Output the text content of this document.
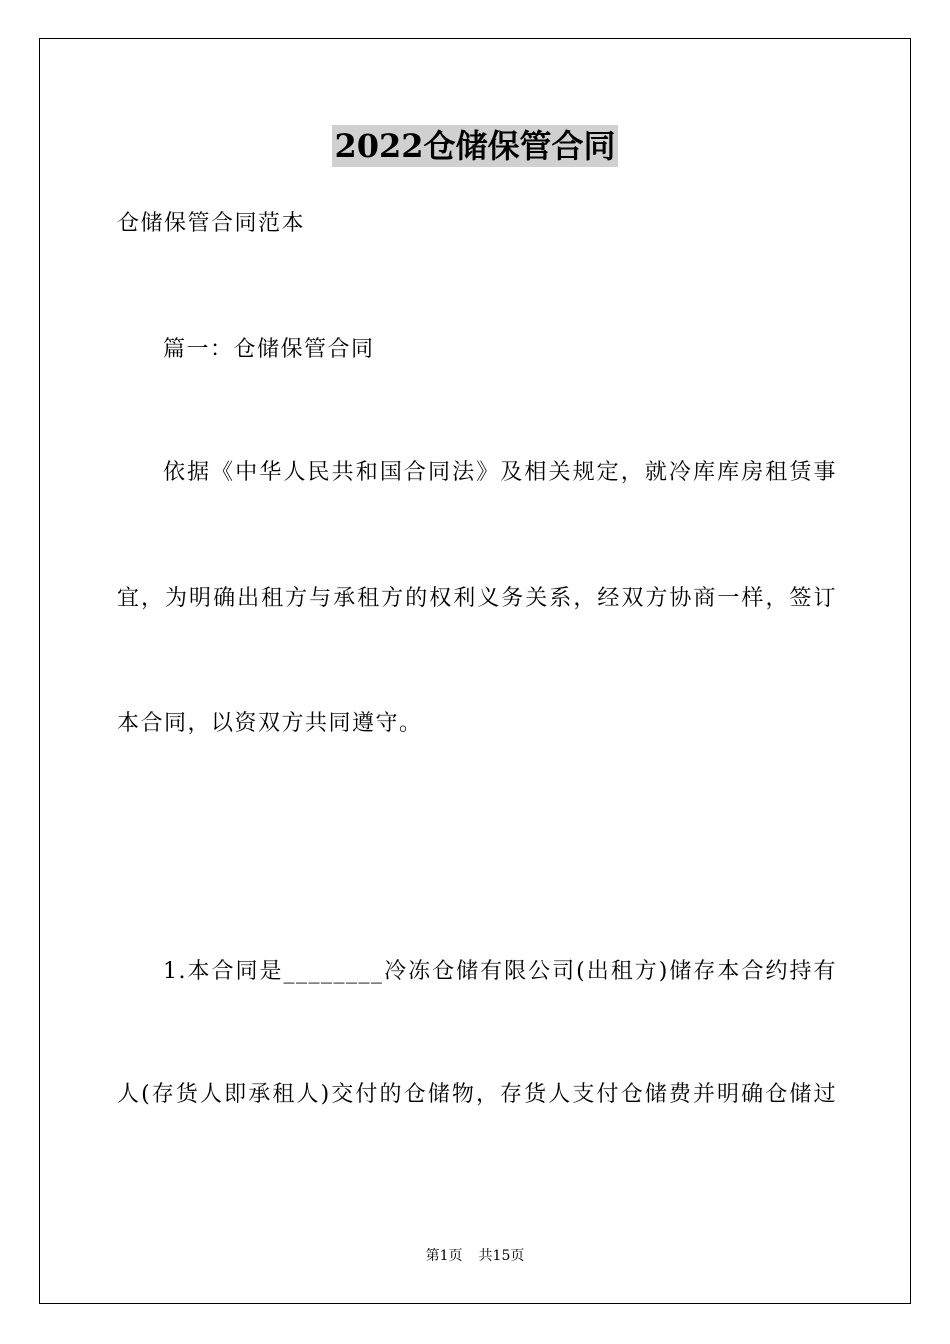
2022仓储保管合同
仓储保管合同范本
篇一：仓储保管合同
依据《中华人民共和国合同法》及相关规定，就冷库库房租赁事
宜，为明确出租方与承租方的权利义务关系，经双方协商一样，签订
本合同，以资双方共同遵守。
1.本合同是________冷冻仓储有限公司(出租方)储存本合约持有
人(存货人即承租人)交付的仓储物，存货人支付仓储费并明确仓储过
第1页 共15页
